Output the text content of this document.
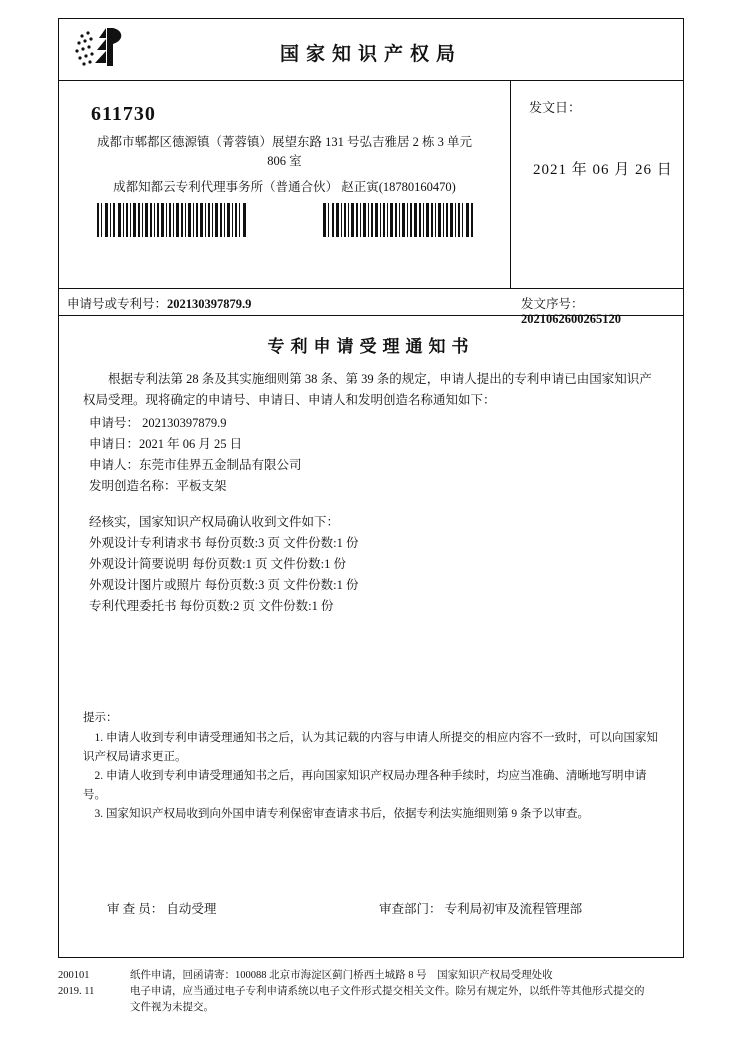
国家知识产权局
611730
成都市郫都区德源镇（菁蓉镇）展望东路 131 号弘吉雅居 2 栋 3 单元
806 室
成都知都云专利代理事务所（普通合伙） 赵正寅(18780160470)
发文日：
2021 年 06 月 26 日
申请号或专利号：202130397879.9	发文序号：2021062600265120
专利申请受理通知书

根据专利法第 28 条及其实施细则第 38 条、第 39 条的规定，申请人提出的专利申请已由国家知识产权局受理。现将确定的申请号、申请日、申请人和发明创造名称通知如下：

申请号： 202130397879.9

申请日：2021 年 06 月 25 日

申请人：东莞市佳界五金制品有限公司

发明创造名称：平板支架

经核实，国家知识产权局确认收到文件如下：

外观设计专利请求书 每份页数:3 页 文件份数:1 份

外观设计简要说明 每份页数:1 页 文件份数:1 份

外观设计图片或照片 每份页数:3 页 文件份数:1 份

专利代理委托书 每份页数:2 页 文件份数:1 份

提示：
1. 申请人收到专利申请受理通知书之后，认为其记载的内容与申请人所提交的相应内容不一致时，可以向国家知识产权局请求更正。
2. 申请人收到专利申请受理通知书之后，再向国家知识产权局办理各种手续时，均应当准确、清晰地写明申请号。
3. 国家知识产权局收到向外国申请专利保密审查请求书后，依据专利法实施细则第 9 条予以审查。
审 查 员： 自动受理	审查部门： 专利局初审及流程管理部
200101
2019. 11
纸件申请，回函请寄：100088 北京市海淀区蓟门桥西土城路 8 号　国家知识产权局受理处收
电子申请，应当通过电子专利申请系统以电子文件形式提交相关文件。除另有规定外，以纸件等其他形式提交的
文件视为未提交。
